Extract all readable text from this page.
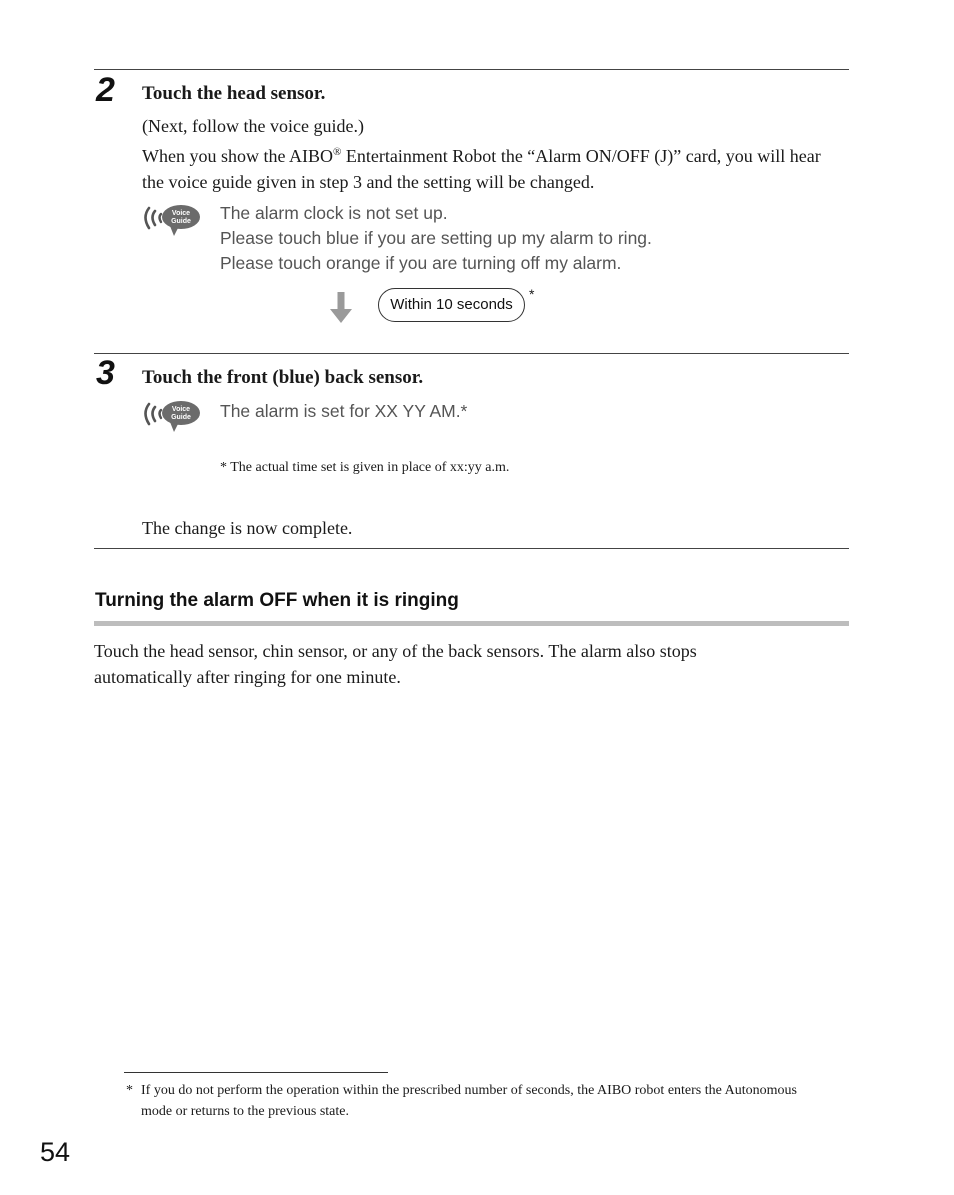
2 Touch the head sensor.
(Next, follow the voice guide.)
When you show the AIBO® Entertainment Robot the “Alarm ON/OFF (J)” card, you will hear the voice guide given in step 3 and the setting will be changed.
Voice
Guide The alarm clock is not set up.
Please touch blue if you are setting up my alarm to ring.
Please touch orange if you are turning off my alarm.
Within 10 seconds
*
3 Touch the front (blue) back sensor.
Voice
Guide The alarm is set for XX YY AM.*
* The actual time set is given in place of xx:yy a.m.
The change is now complete.
Turning the alarm OFF when it is ringing
Touch the head sensor, chin sensor, or any of the back sensors. The alarm also stops automatically after ringing for one minute.
* If you do not perform the operation within the prescribed number of seconds, the AIBO robot enters the Autonomous mode or returns to the previous state.
54
